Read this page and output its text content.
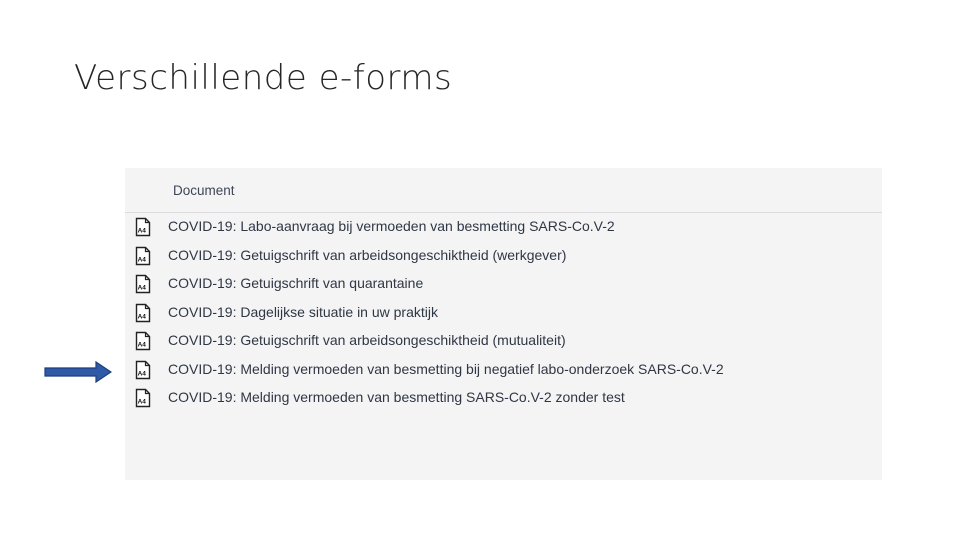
Verschillende e-forms
Document
A4 COVID-19: Labo-aanvraag bij vermoeden van besmetting SARS-Co.V-2
A4 COVID-19: Getuigschrift van arbeidsongeschiktheid (werkgever)
A4 COVID-19: Getuigschrift van quarantaine
A4 COVID-19: Dagelijkse situatie in uw praktijk
A4 COVID-19: Getuigschrift van arbeidsongeschiktheid (mutualiteit)
A4 COVID-19: Melding vermoeden van besmetting bij negatief labo-onderzoek SARS-Co.V-2
A4 COVID-19: Melding vermoeden van besmetting SARS-Co.V-2 zonder test
